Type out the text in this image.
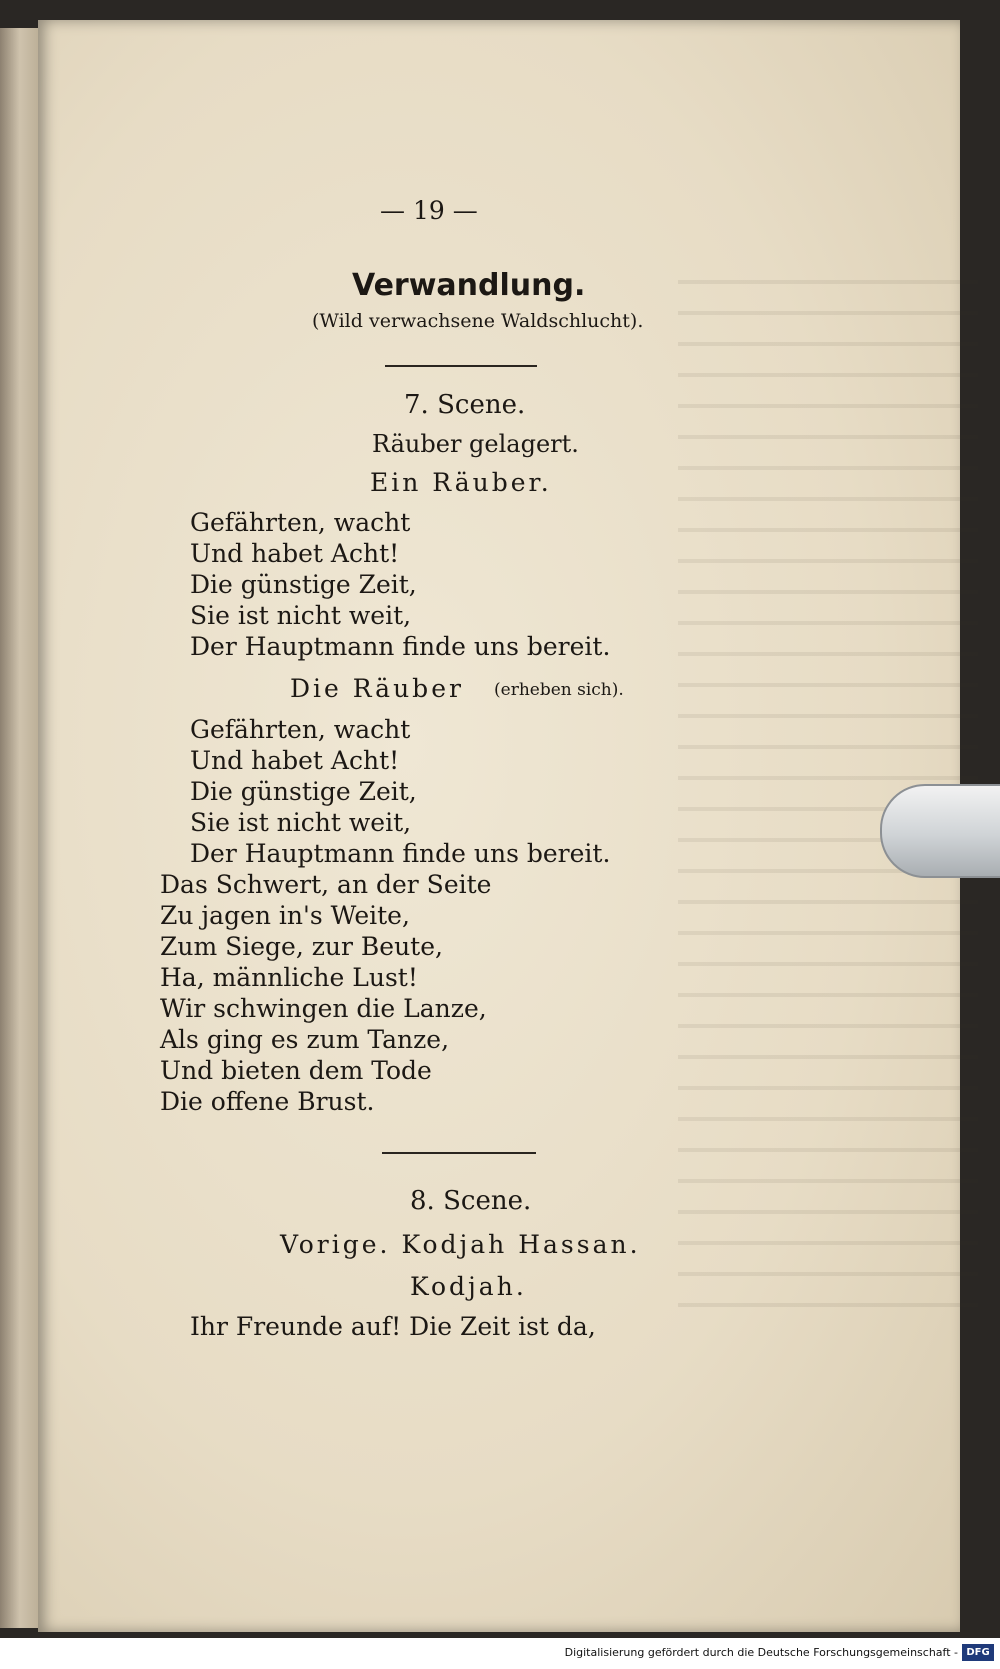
— 19 —
Verwandlung.
(Wild verwachsene Waldschlucht).
7. Scene.
Räuber gelagert.
Ein Räuber.
Gefährten, wacht
Und habet Acht!
Die günstige Zeit,
Sie ist nicht weit,
Der Hauptmann finde uns bereit.
Die Räuber (erheben sich).
Gefährten, wacht
Und habet Acht!
Die günstige Zeit,
Sie ist nicht weit,
Der Hauptmann finde uns bereit.
Das Schwert, an der Seite
Zu jagen in's Weite,
Zum Siege, zur Beute,
Ha, männliche Lust!
Wir schwingen die Lanze,
Als ging es zum Tanze,
Und bieten dem Tode
Die offene Brust.
8. Scene.
Vorige. Kodjah Hassan.
Kodjah.
Ihr Freunde auf! Die Zeit ist da,
Digitalisierung gefördert durch die Deutsche Forschungsgemeinschaft - DFG
